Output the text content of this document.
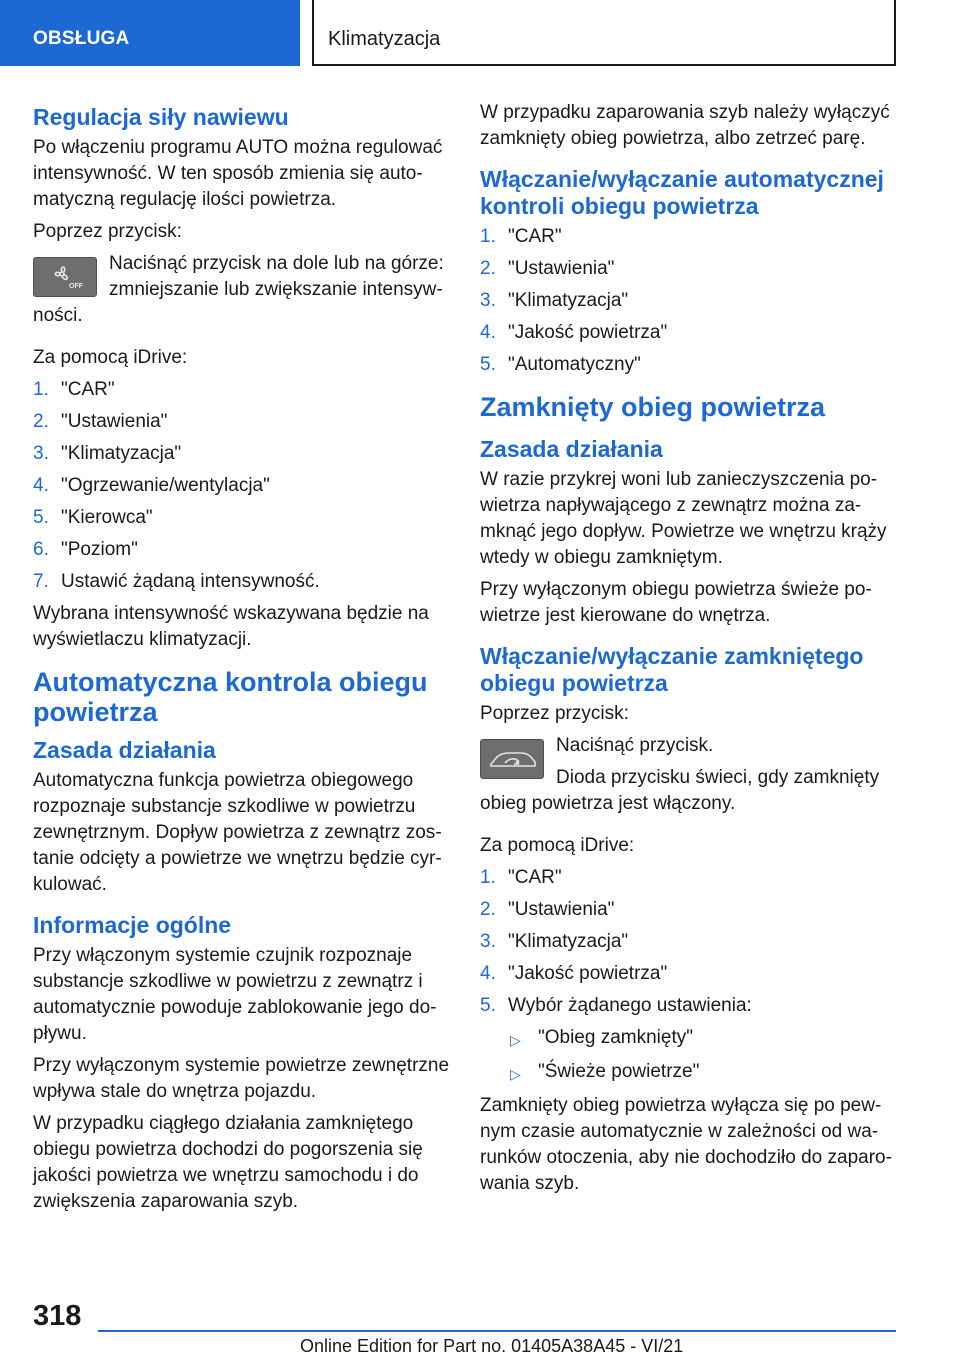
OBSŁUGA	Klimatyzacja
Regulacja siły nawiewu

Po włączeniu programu AUTO można regulować intensywność. W ten sposób zmienia się automatyczną regulację ilości powietrza.

Poprzez przycisk:

OFF

Naciśnąć przycisk na dole lub na górze: zmniejszanie lub zwiększanie intensywności.

Za pomocą iDrive:

1. "CAR"
2. "Ustawienia"
3. "Klimatyzacja"
4. "Ogrzewanie/wentylacja"
5. "Kierowca"
6. "Poziom"
7. Ustawić żądaną intensywność.

Wybrana intensywność wskazywana będzie na wyświetlaczu klimatyzacji.

Automatyczna kontrola obiegu powietrza
Zasada działania

Automatyczna funkcja powietrza obiegowego rozpoznaje substancje szkodliwe w powietrzu zewnętrznym. Dopływ powietrza z zewnątrz zostanie odcięty a powietrze we wnętrzu będzie cyrkulować.

Informacje ogólne

Przy włączonym systemie czujnik rozpoznaje substancje szkodliwe w powietrzu z zewnątrz i automatycznie powoduje zablokowanie jego dopływu.

Przy wyłączonym systemie powietrze zewnętrzne wpływa stale do wnętrza pojazdu.

W przypadku ciągłego działania zamkniętego obiegu powietrza dochodzi do pogorszenia się jakości powietrza we wnętrzu samochodu i do zwiększenia zaparowania szyb.

W przypadku zaparowania szyb należy wyłączyć zamknięty obieg powietrza, albo zetrzeć parę.

Włączanie/wyłączanie automatycznej kontroli obiegu powietrza
1. "CAR"
2. "Ustawienia"
3. "Klimatyzacja"
4. "Jakość powietrza"
5. "Automatyczny"
Zamknięty obieg powietrza
Zasada działania

W razie przykrej woni lub zanieczyszczenia powietrza napływającego z zewnątrz można zamknąć jego dopływ. Powietrze we wnętrzu krąży wtedy w obiegu zamkniętym.

Przy wyłączonym obiegu powietrza świeże powietrze jest kierowane do wnętrza.

Włączanie/wyłączanie zamkniętego obiegu powietrza

Poprzez przycisk:

Naciśnąć przycisk.

Dioda przycisku świeci, gdy zamknięty obieg powietrza jest włączony.

Za pomocą iDrive:

1. "CAR"
2. "Ustawienia"
3. "Klimatyzacja"
4. "Jakość powietrza"
5. Wybór żądanego ustawienia:
▷ "Obieg zamknięty"
▷ "Świeże powietrze"

Zamknięty obieg powietrza wyłącza się po pewnym czasie automatycznie w zależności od warunków otoczenia, aby nie dochodziło do zaparowania szyb.

318
Online Edition for Part no. 01405A38A45 - VI/21
